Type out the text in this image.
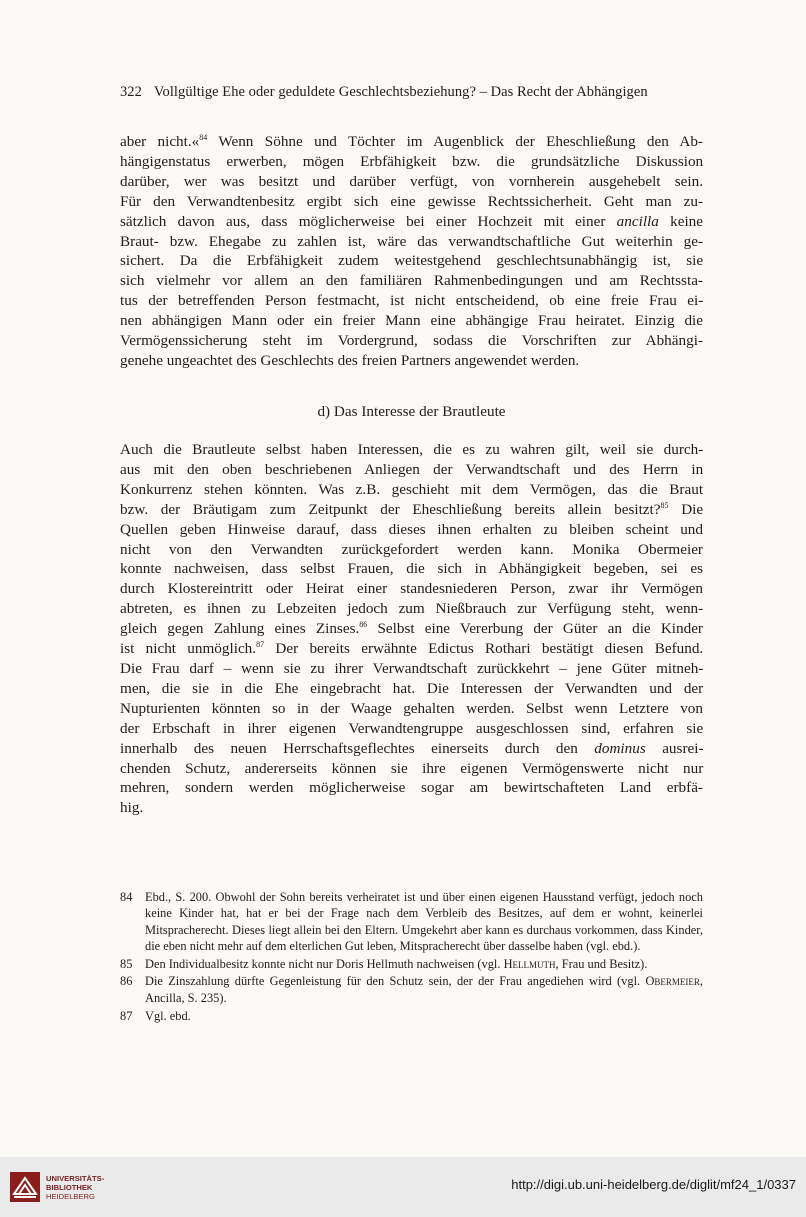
322 Vollgültige Ehe oder geduldete Geschlechtsbeziehung? – Das Recht der Abhängigen
aber nicht.«$^{84}$ Wenn Söhne und Töchter im Augenblick der Eheschließung den Ab-
hängigenstatus erwerben, mögen Erbfähigkeit bzw. die grundsätzliche Diskussion
darüber, wer was besitzt und darüber verfügt, von vornherein ausgehebelt sein.
Für den Verwandtenbesitz ergibt sich eine gewisse Rechtssicherheit. Geht man zu-
sätzlich davon aus, dass möglicherweise bei einer Hochzeit mit einer ancilla keine
Braut- bzw. Ehegabe zu zahlen ist, wäre das verwandtschaftliche Gut weiterhin ge-
sichert. Da die Erbfähigkeit zudem weitestgehend geschlechtsunabhängig ist, sie
sich vielmehr vor allem an den familiären Rahmenbedingungen und am Rechtssta-
tus der betreffenden Person festmacht, ist nicht entscheidend, ob eine freie Frau ei-
nen abhängigen Mann oder ein freier Mann eine abhängige Frau heiratet. Einzig die
Vermögenssicherung steht im Vordergrund, sodass die Vorschriften zur Abhängi-
genehe ungeachtet des Geschlechts des freien Partners angewendet werden.
d) Das Interesse der Brautleute
Auch die Brautleute selbst haben Interessen, die es zu wahren gilt, weil sie durch-
aus mit den oben beschriebenen Anliegen der Verwandtschaft und des Herrn in
Konkurrenz stehen könnten. Was z.B. geschieht mit dem Vermögen, das die Braut
bzw. der Bräutigam zum Zeitpunkt der Eheschließung bereits allein besitzt?$^{85}$ Die
Quellen geben Hinweise darauf, dass dieses ihnen erhalten zu bleiben scheint und
nicht von den Verwandten zurückgefordert werden kann. Monika Obermeier
konnte nachweisen, dass selbst Frauen, die sich in Abhängigkeit begeben, sei es
durch Klostereintritt oder Heirat einer standesniederen Person, zwar ihr Vermögen
abtreten, es ihnen zu Lebzeiten jedoch zum Nießbrauch zur Verfügung steht, wenn-
gleich gegen Zahlung eines Zinses.$^{86}$ Selbst eine Vererbung der Güter an die Kinder
ist nicht unmöglich.$^{87}$ Der bereits erwähnte Edictus Rothari bestätigt diesen Befund.
Die Frau darf – wenn sie zu ihrer Verwandtschaft zurückkehrt – jene Güter mitneh-
men, die sie in die Ehe eingebracht hat. Die Interessen der Verwandten und der
Nupturienten könnten so in der Waage gehalten werden. Selbst wenn Letztere von
der Erbschaft in ihrer eigenen Verwandtengruppe ausgeschlossen sind, erfahren sie
innerhalb des neuen Herrschaftsgeflechtes einerseits durch den dominus ausrei-
chenden Schutz, andererseits können sie ihre eigenen Vermögenswerte nicht nur
mehren, sondern werden möglicherweise sogar am bewirtschafteten Land erbfä-
hig.
84	Ebd., S. 200. Obwohl der Sohn bereits verheiratet ist und über einen eigenen Hausstand verfügt, jedoch noch keine Kinder hat, hat er bei der Frage nach dem Verbleib des Besitzes, auf dem er wohnt, keinerlei Mitspracherecht. Dieses liegt allein bei den Eltern. Umgekehrt aber kann es durchaus vorkommen, dass Kinder, die eben nicht mehr auf dem elterlichen Gut leben, Mitspracherecht über dasselbe haben (vgl. ebd.).
85	Den Individualbesitz konnte nicht nur Doris Hellmuth nachweisen (vgl. Hellmuth, Frau und Besitz).
86	Die Zinszahlung dürfte Gegenleistung für den Schutz sein, der der Frau angediehen wird (vgl. Obermeier, Ancilla, S. 235).
87	Vgl. ebd.
UNIVERSITÄTS-
BIBLIOTHEK
HEIDELBERG
http://digi.ub.uni-heidelberg.de/diglit/mf24_1/0337
